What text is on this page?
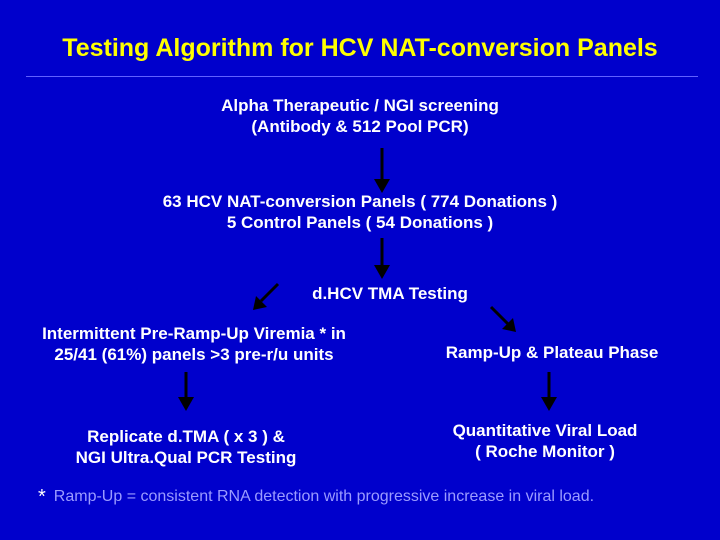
Testing Algorithm for HCV NAT-conversion Panels
Alpha Therapeutic / NGI screening
(Antibody & 512 Pool PCR)
63 HCV NAT-conversion Panels ( 774 Donations )
5 Control Panels ( 54 Donations )
d.HCV TMA Testing
Intermittent Pre-Ramp-Up Viremia * in
25/41 (61%) panels >3 pre-r/u units	Ramp-Up & Plateau Phase
Replicate d.TMA ( x 3 ) &
NGI Ultra.Qual PCR Testing
Quantitative Viral Load
( Roche Monitor )
* Ramp-Up = consistent RNA detection with progressive increase in viral load.
